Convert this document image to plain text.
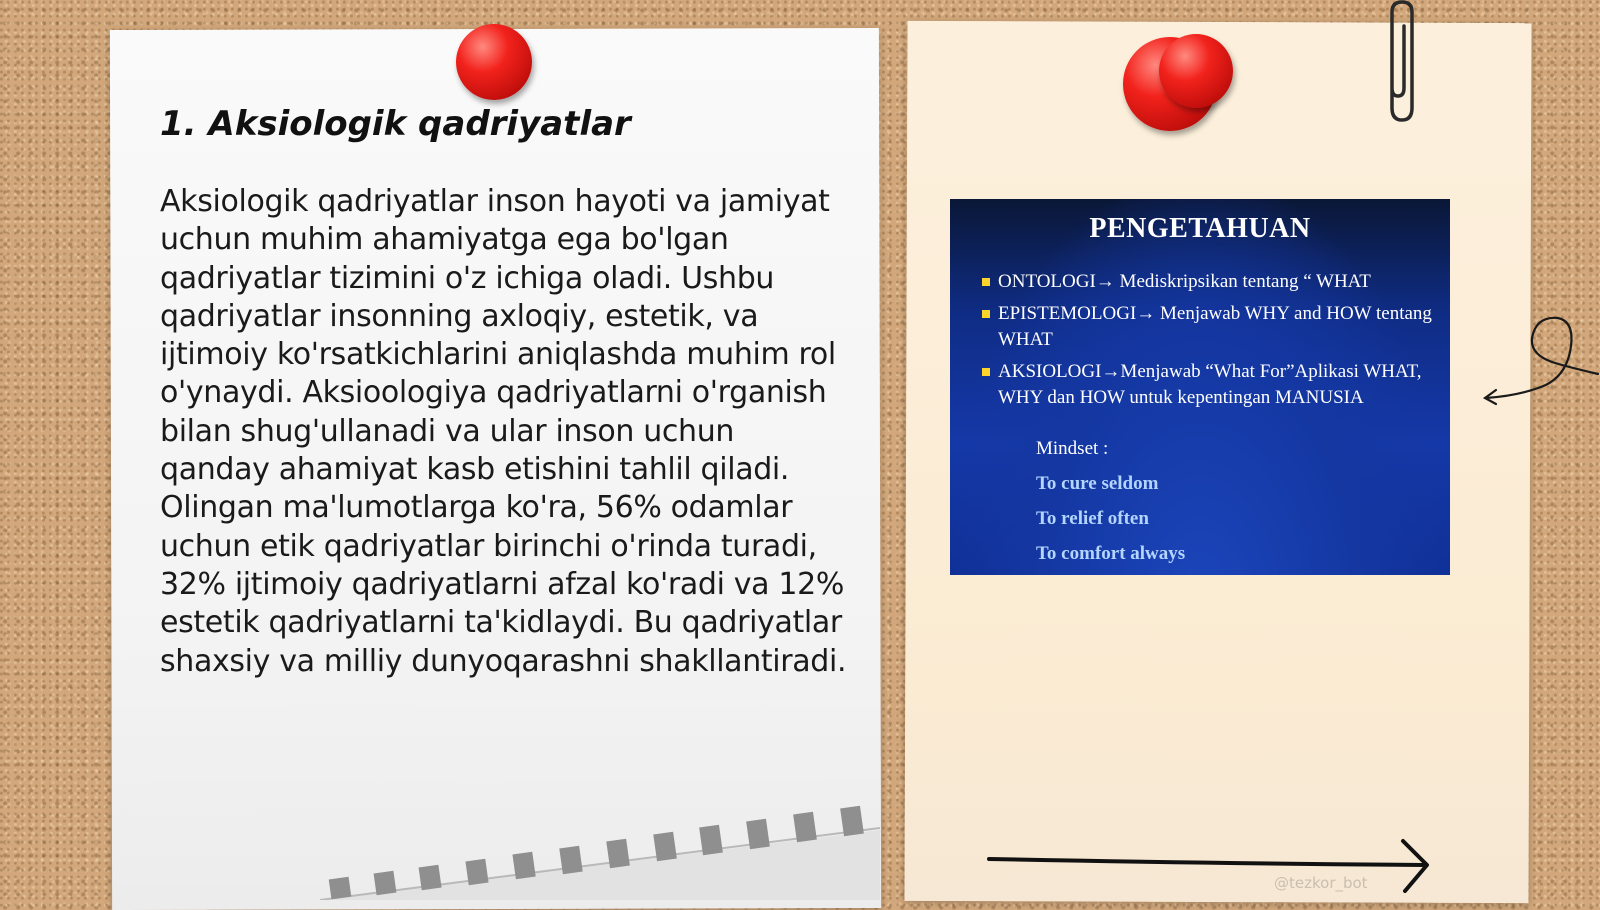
1. Aksiologik qadriyatlar

Aksiologik qadriyatlar inson hayoti va jamiyat uchun muhim ahamiyatga ega bo'lgan qadriyatlar tizimini o'z ichiga oladi. Ushbu qadriyatlar insonning axloqiy, estetik, va ijtimoiy ko'rsatkichlarini aniqlashda muhim rol o'ynaydi. Aksioologiya qadriyatlarni o'rganish bilan shug'ullanadi va ular inson uchun qanday ahamiyat kasb etishini tahlil qiladi. Olingan ma'lumotlarga ko'ra, 56% odamlar uchun etik qadriyatlar birinchi o'rinda turadi, 32% ijtimoiy qadriyatlarni afzal ko'radi va 12% estetik qadriyatlarni ta'kidlaydi. Bu qadriyatlar shaxsiy va milliy dunyoqarashni shakllantiradi.

PENGETAHUAN
ONTOLOGI→ Mediskripsikan tentang “ WHAT
EPISTEMOLOGI→ Menjawab WHY and HOW tentang WHAT
AKSIOLOGI→Menjawab “What For”Aplikasi WHAT, WHY dan HOW untuk kepentingan MANUSIA
Mindset :
To cure seldom
To relief often
To comfort always
@tezkor_bot
